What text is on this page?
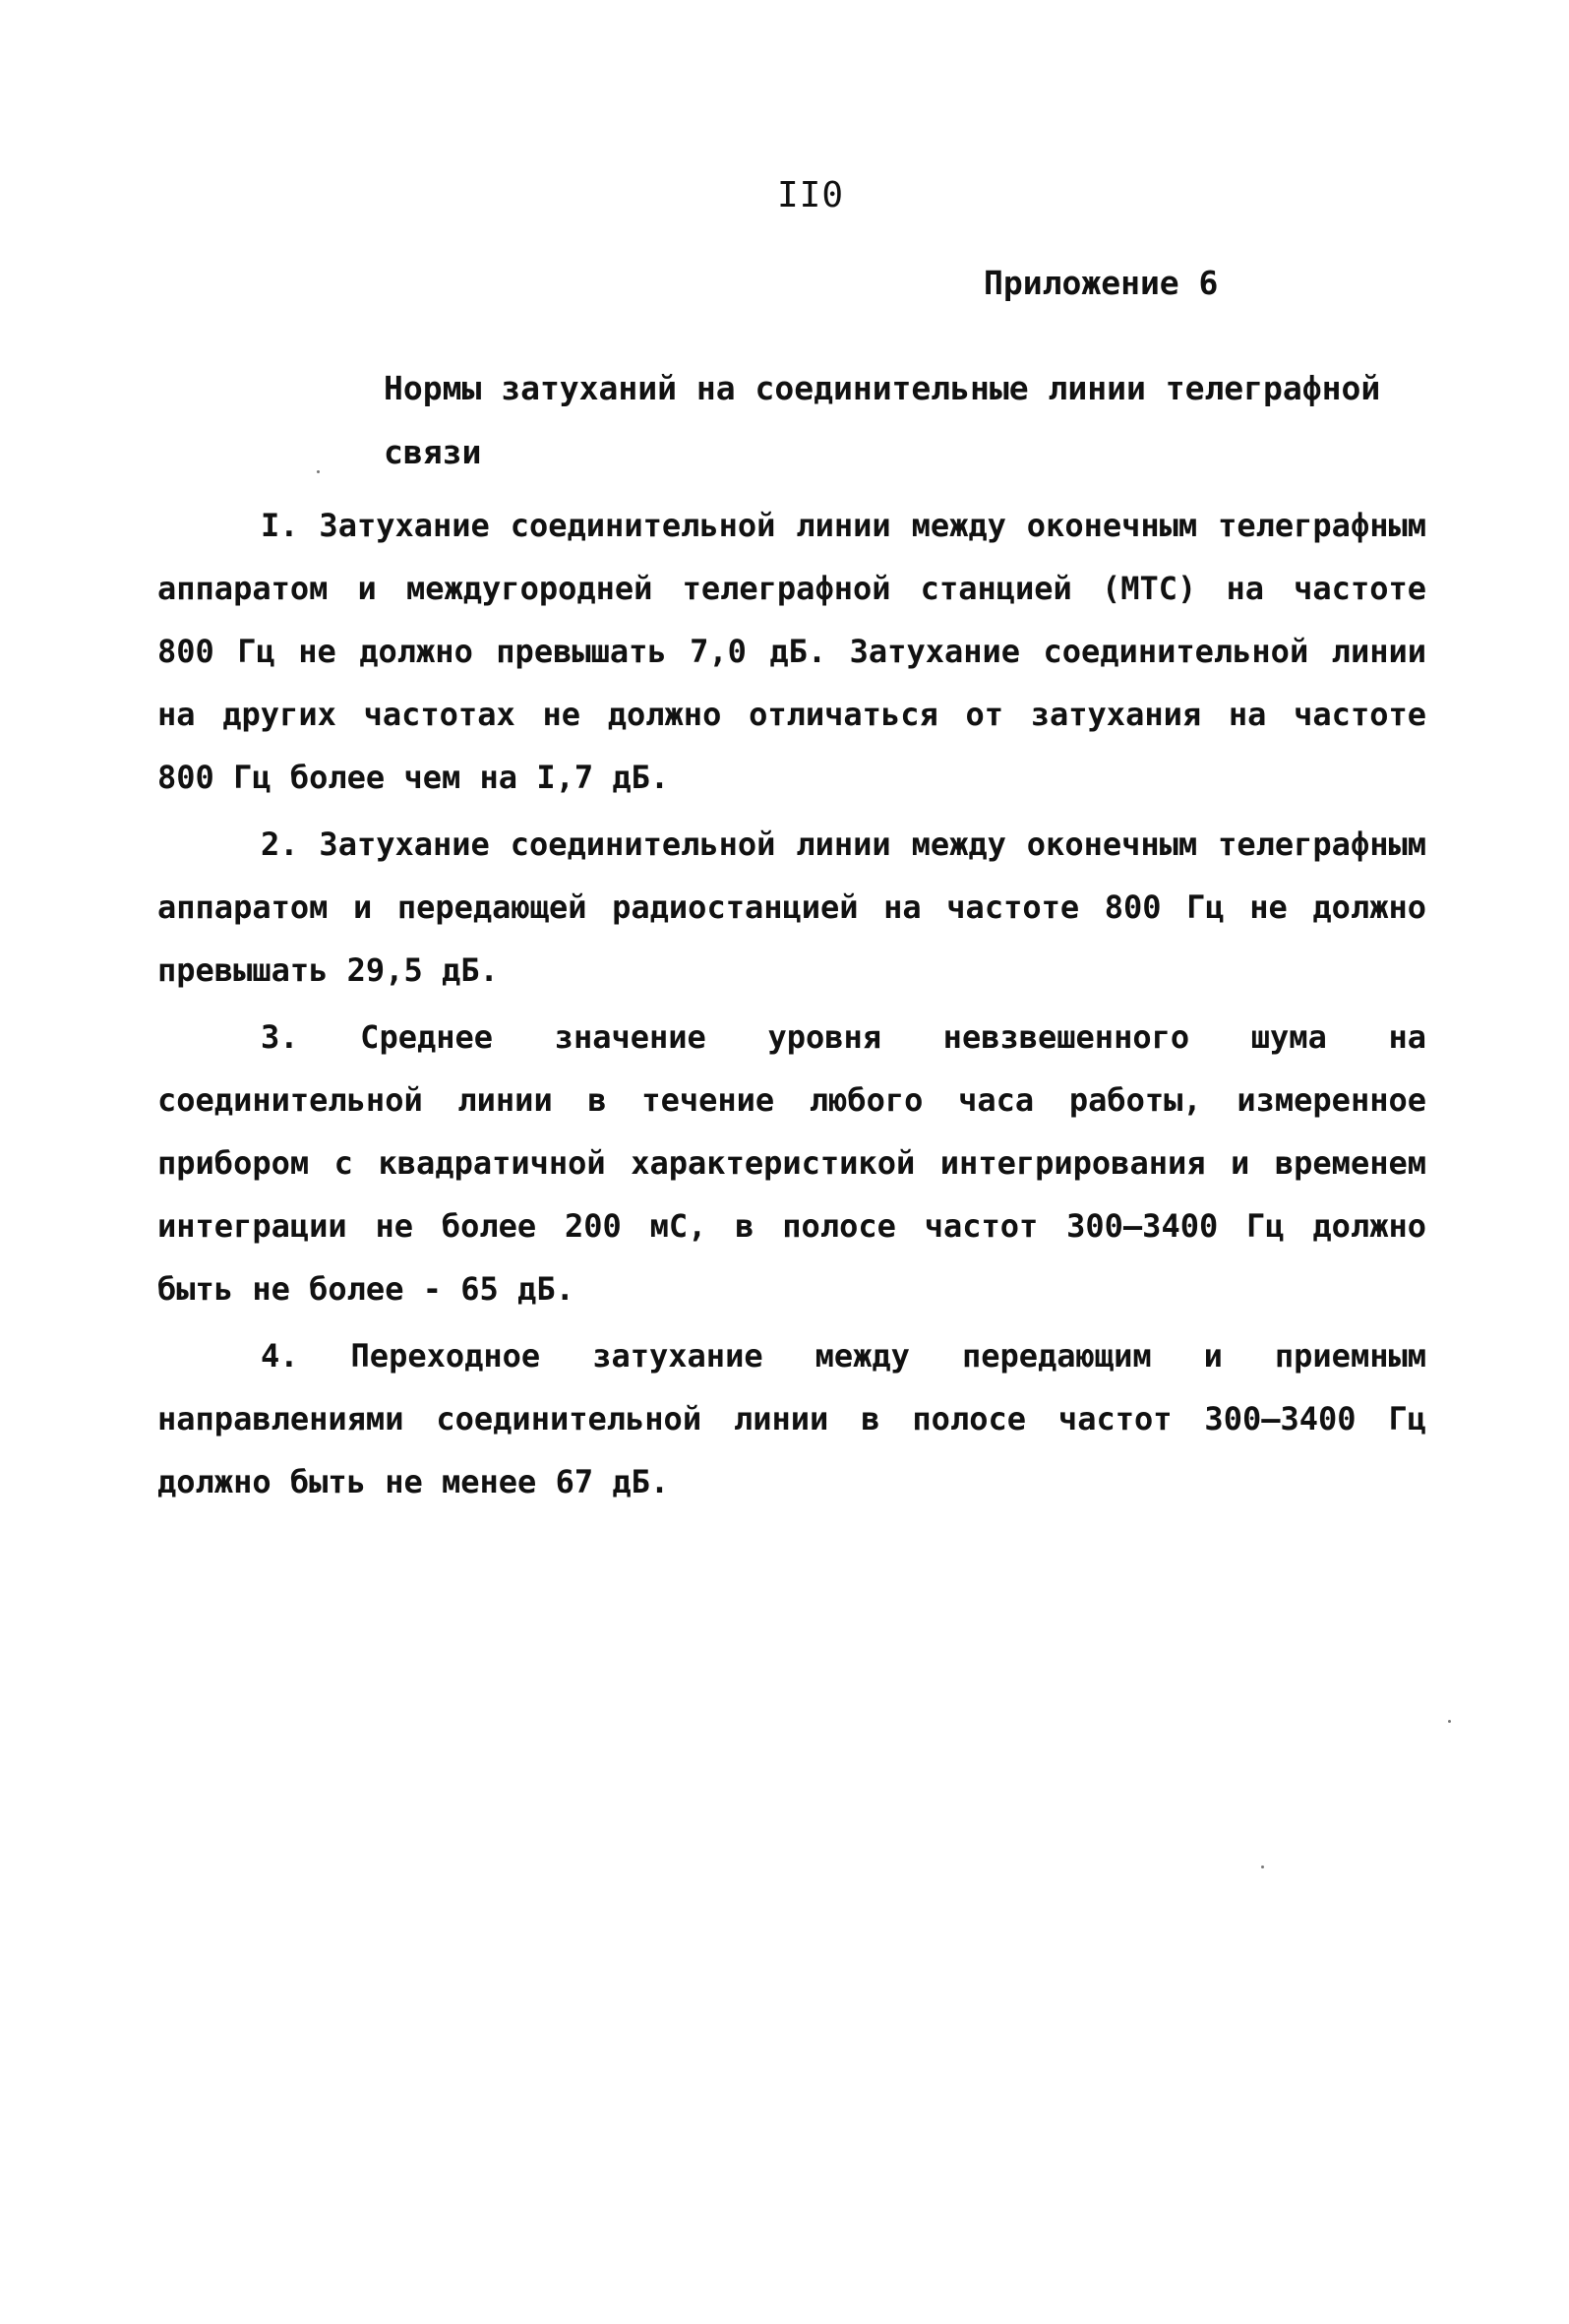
II0
Приложение 6
Нормы затуханий на соединительные линии телеграфной связи

I. Затухание соединительной линии между оконечным телеграфным аппаратом и междугородней телеграфной станцией (МТС) на частоте 800 Гц не должно превышать 7,0 дБ. Затухание соединительной линии на других частотах не должно отличаться от затухания на частоте 800 Гц более чем на I,7 дБ.

2. Затухание соединительной линии между оконечным телеграфным аппаратом и передающей радиостанцией на частоте 800 Гц не должно превышать 29,5 дБ.

3. Среднее значение уровня невзвешенного шума на соединительной линии в течение любого часа работы, измеренное прибором с квадратичной характеристикой интегрирования и временем интеграции не более 200 мС, в полосе частот 300–3400 Гц должно быть не более - 65 дБ.

4. Переходное затухание между передающим и приемным направлениями соединительной линии в полосе частот 300–3400 Гц должно быть не менее 67 дБ.
